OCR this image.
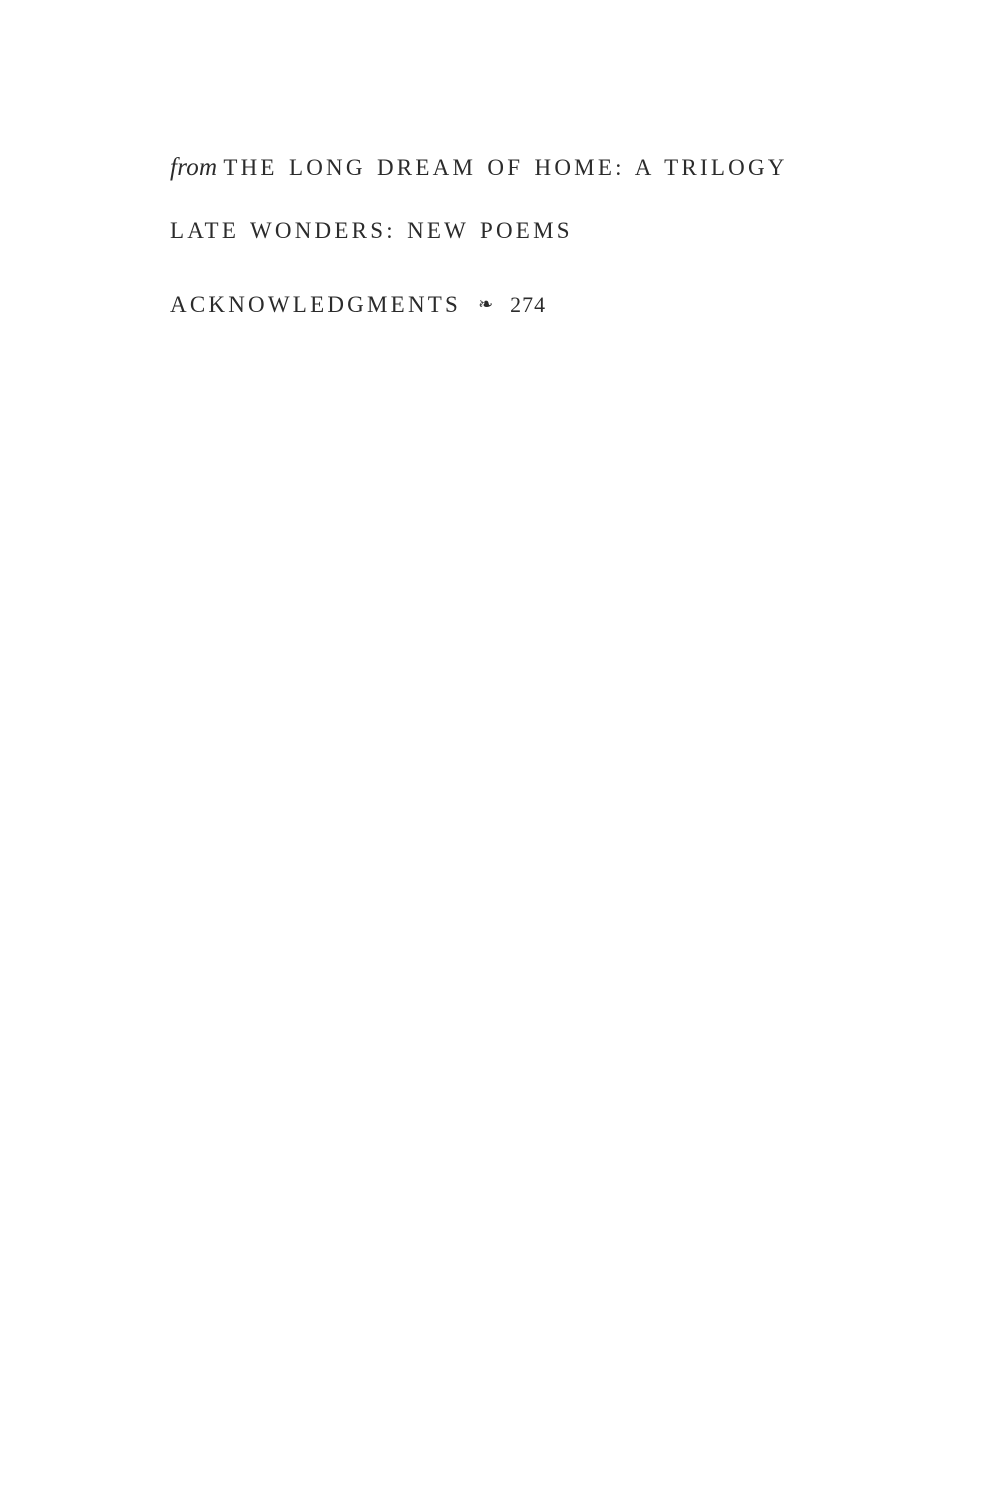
from THE LONG DREAM OF HOME: A TRILOGY
LATE WONDERS: NEW POEMS
ACKNOWLEDGMENTS ❧ 274
